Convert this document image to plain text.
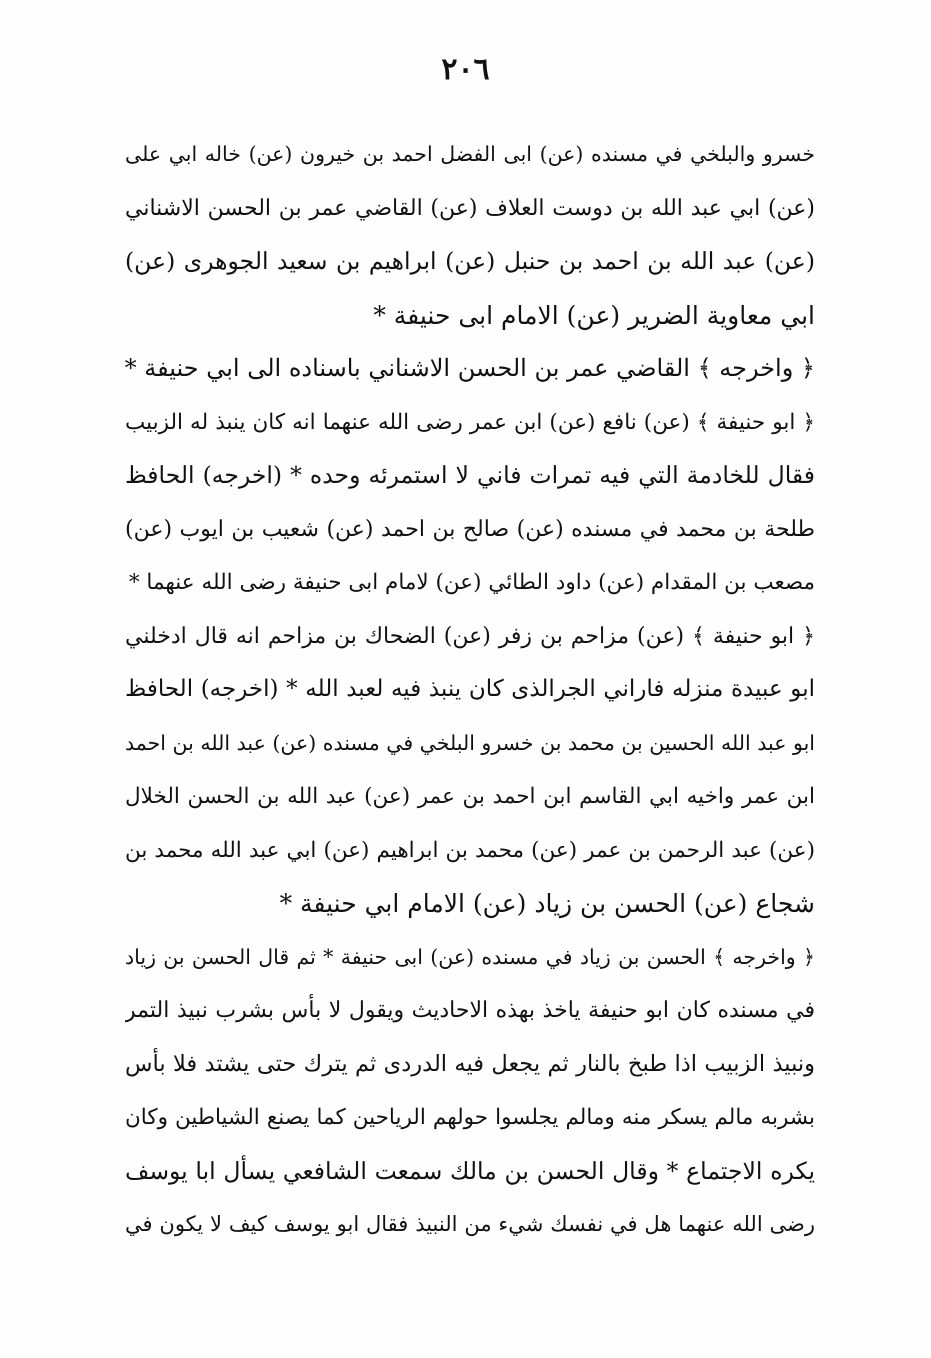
٢٠٦
خسرو والبلخي في مسنده (عن) ابى الفضل احمد بن خيرون (عن) خاله ابي على
(عن) ابي عبد الله بن دوست العلاف (عن) القاضي عمر بن الحسن الاشناني
(عن) عبد الله بن احمد بن حنبل (عن) ابراهيم بن سعيد الجوهرى (عن)
ابي معاوية الضرير (عن) الامام ابى حنيفة *
﴿ واخرجه ﴾ القاضي عمر بن الحسن الاشناني باسناده الى ابي حنيفة *
﴿ ابو حنيفة ﴾ (عن) نافع (عن) ابن عمر رضى الله عنهما انه كان ينبذ له الزبيب
فقال للخادمة التي فيه تمرات فاني لا استمرئه وحده * (اخرجه) الحافظ
طلحة بن محمد في مسنده (عن) صالح بن احمد (عن) شعيب بن ايوب (عن)
مصعب بن المقدام (عن) داود الطائي (عن) لامام ابى حنيفة رضى الله عنهما *
﴿ ابو حنيفة ﴾ (عن) مزاحم بن زفر (عن) الضحاك بن مزاحم انه قال ادخلني
ابو عبيدة منزله فاراني الجرالذى كان ينبذ فيه لعبد الله * (اخرجه) الحافظ
ابو عبد الله الحسين بن محمد بن خسرو البلخي في مسنده (عن) عبد الله بن احمد
ابن عمر واخيه ابي القاسم ابن احمد بن عمر (عن) عبد الله بن الحسن الخلال
(عن) عبد الرحمن بن عمر (عن) محمد بن ابراهيم (عن) ابي عبد الله محمد بن
شجاع (عن) الحسن بن زياد (عن) الامام ابي حنيفة *
﴿ واخرجه ﴾ الحسن بن زياد في مسنده (عن) ابى حنيفة * ثم قال الحسن بن زياد
في مسنده كان ابو حنيفة ياخذ بهذه الاحاديث ويقول لا بأس بشرب نبيذ التمر
ونبيذ الزبيب اذا طبخ بالنار ثم يجعل فيه الدردى ثم يترك حتى يشتد فلا بأس
بشربه مالم يسكر منه ومالم يجلسوا حولهم الرياحين كما يصنع الشياطين وكان
يكره الاجتماع * وقال الحسن بن مالك سمعت الشافعي يسأل ابا يوسف
رضى الله عنهما هل في نفسك شيء من النبيذ فقال ابو يوسف كيف لا يكون في
